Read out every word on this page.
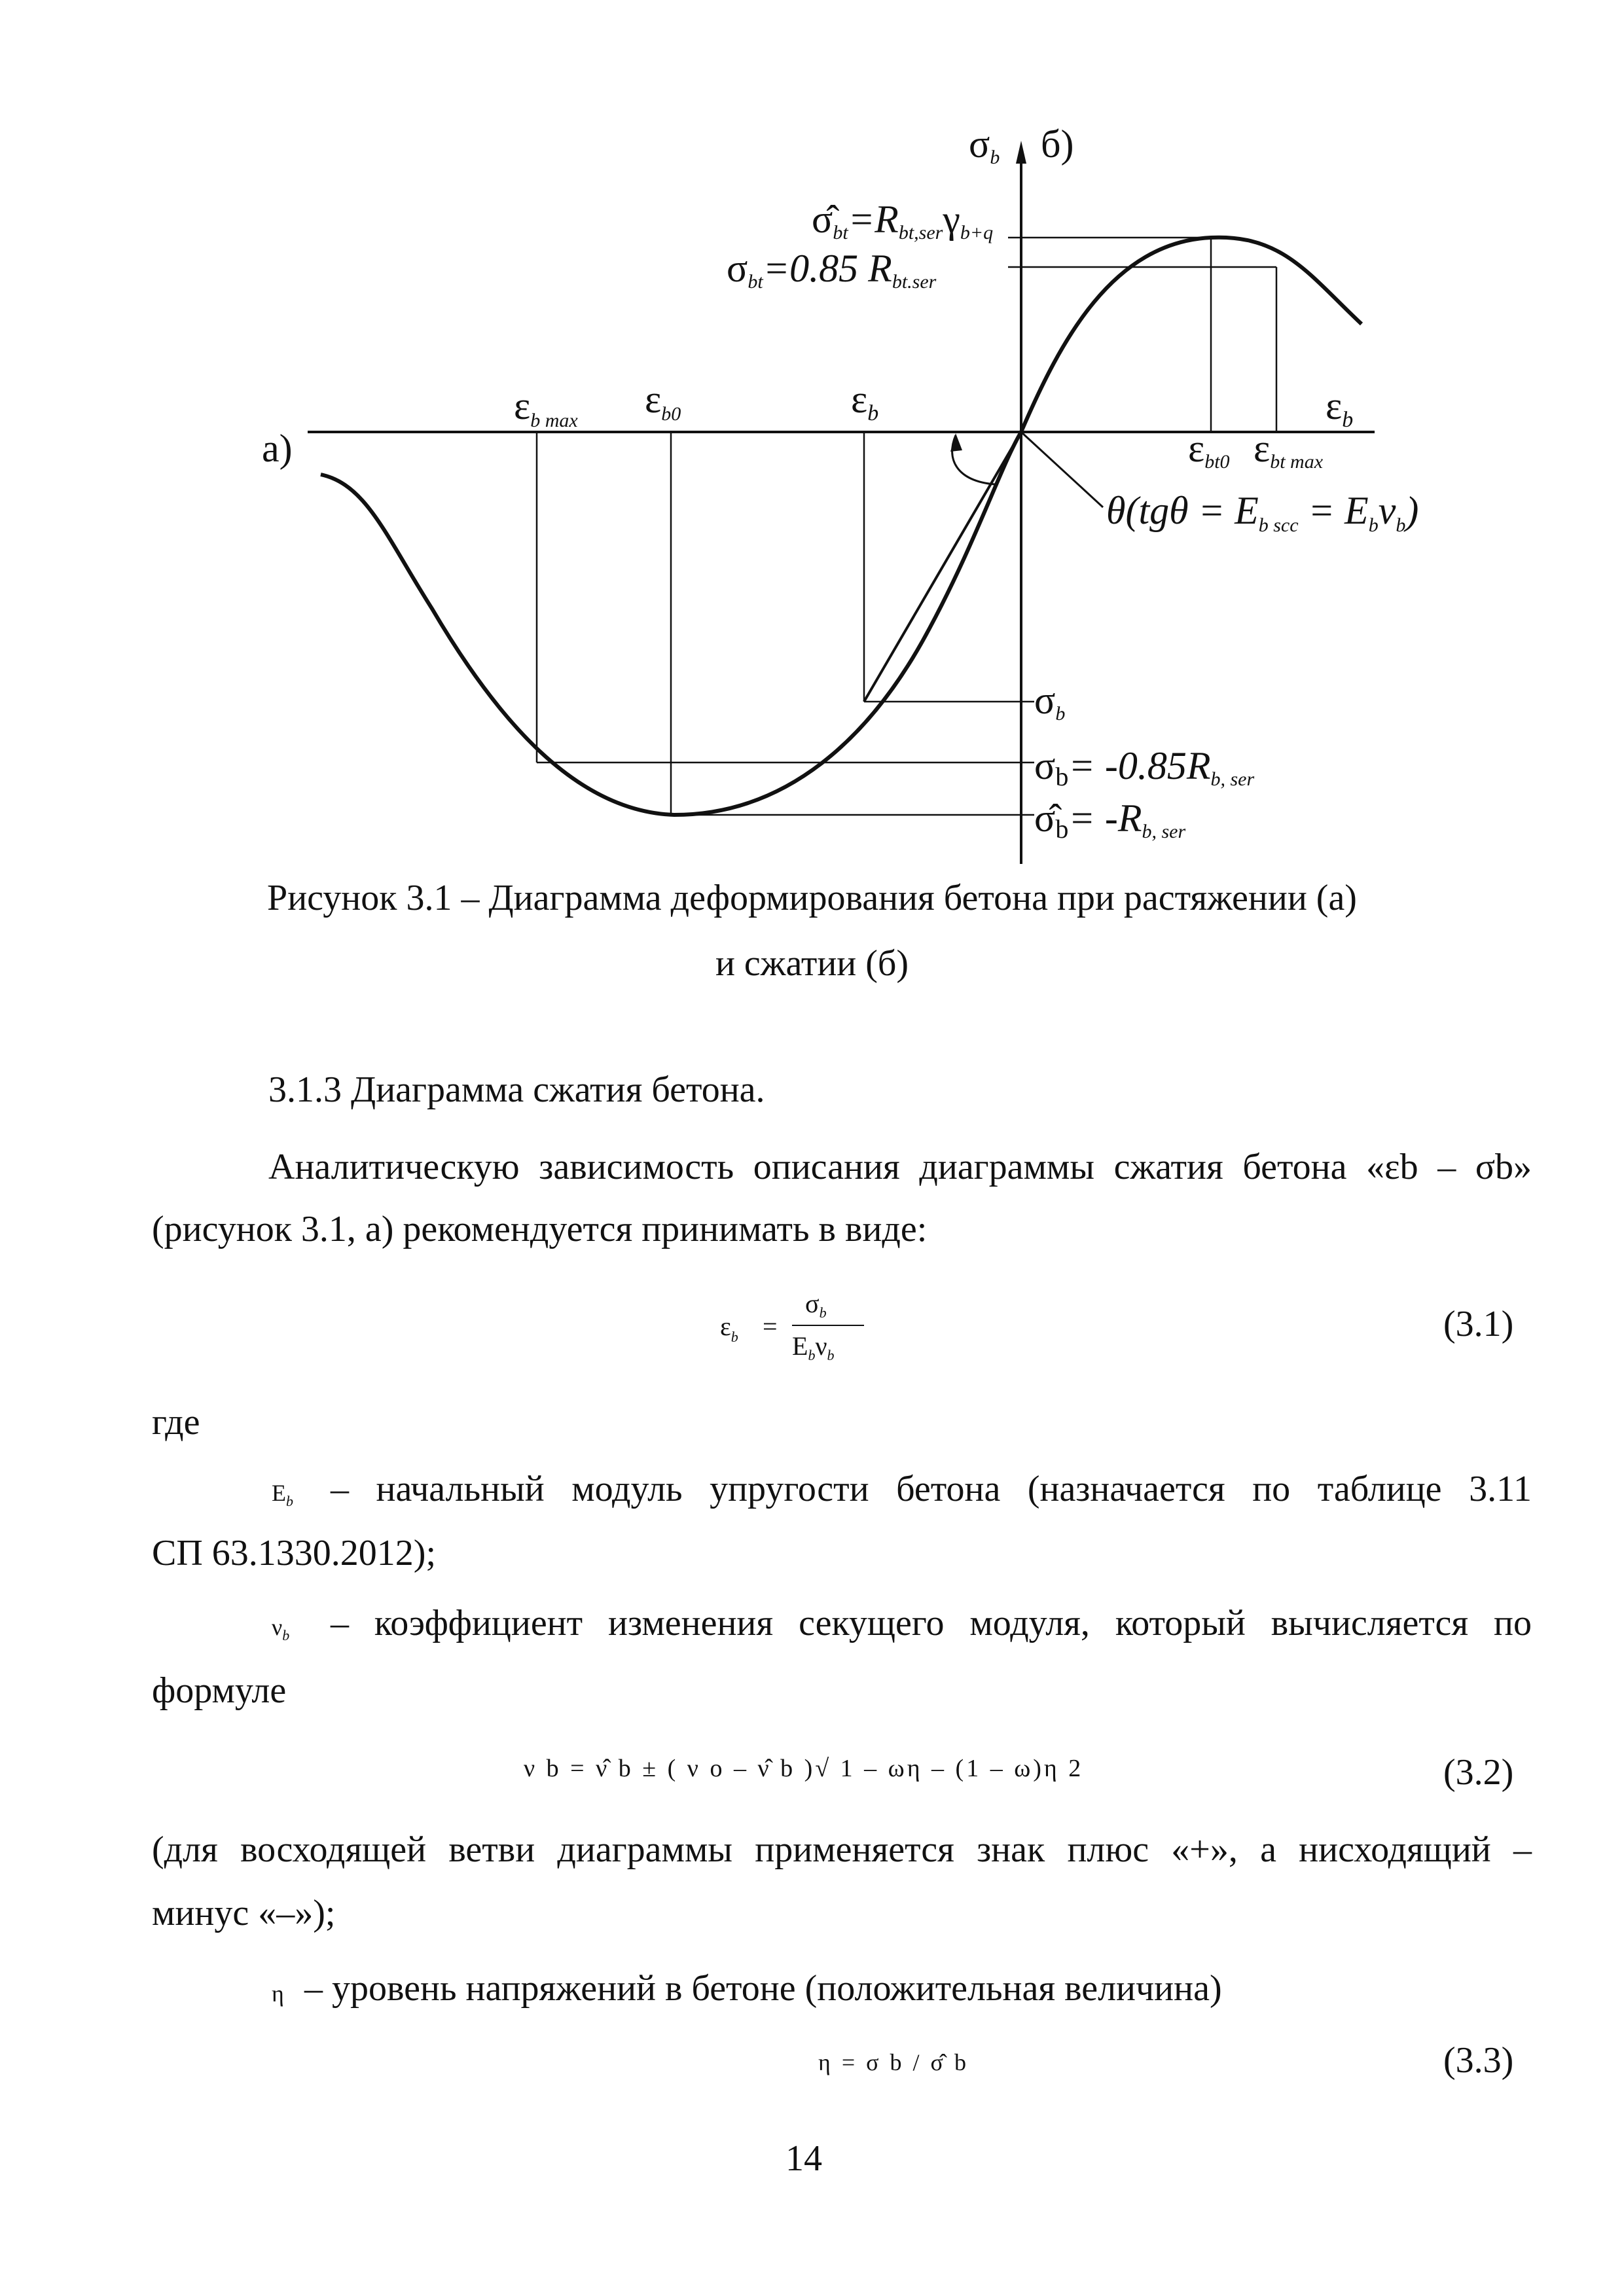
а)
б)
σb
$\varepsilon_b$
$\varepsilon_{b max}$ $\varepsilon_{b0}$	$\varepsilon_b$
εbt0 εbt max
σ̂bt=Rbt,serγb+q
σbt=0.85 Rbt.ser
$\theta(tg\theta = E_{b scc} = E_b\nu_b)$
σb
σb= -0.85Rb, ser
σ̂b= -Rb, ser
Рисунок 3.1 – Диаграмма деформирования бетона при растяжении (а)
и сжатии (б)
3.1.3 Диаграмма сжатия бетона.
Аналитическую зависимость описания диаграммы сжатия бетона «εb – σb»
(рисунок 3.1, а) рекомендуется принимать в виде:
$\varepsilon_b$ =
$\sigma_b$
$E_b\nu_b$
(3.1)
где
$E_b$ – начальный модуль упругости бетона (назначается по таблице 3.11
СП 63.1330.2012);
$\nu_b$ – коэффициент изменения секущего модуля, который вычисляется по
формуле
ν b = ν̂ b ± ( ν o – ν̂ b )√ 1 – ωη – (1 – ω)η 2	(3.2)
(для восходящей ветви диаграммы применяется знак плюс «+», а нисходящий –
минус «–»);
η – уровень напряжений в бетоне (положительная величина)
η = σ b / σ̂ b	(3.3)
14
